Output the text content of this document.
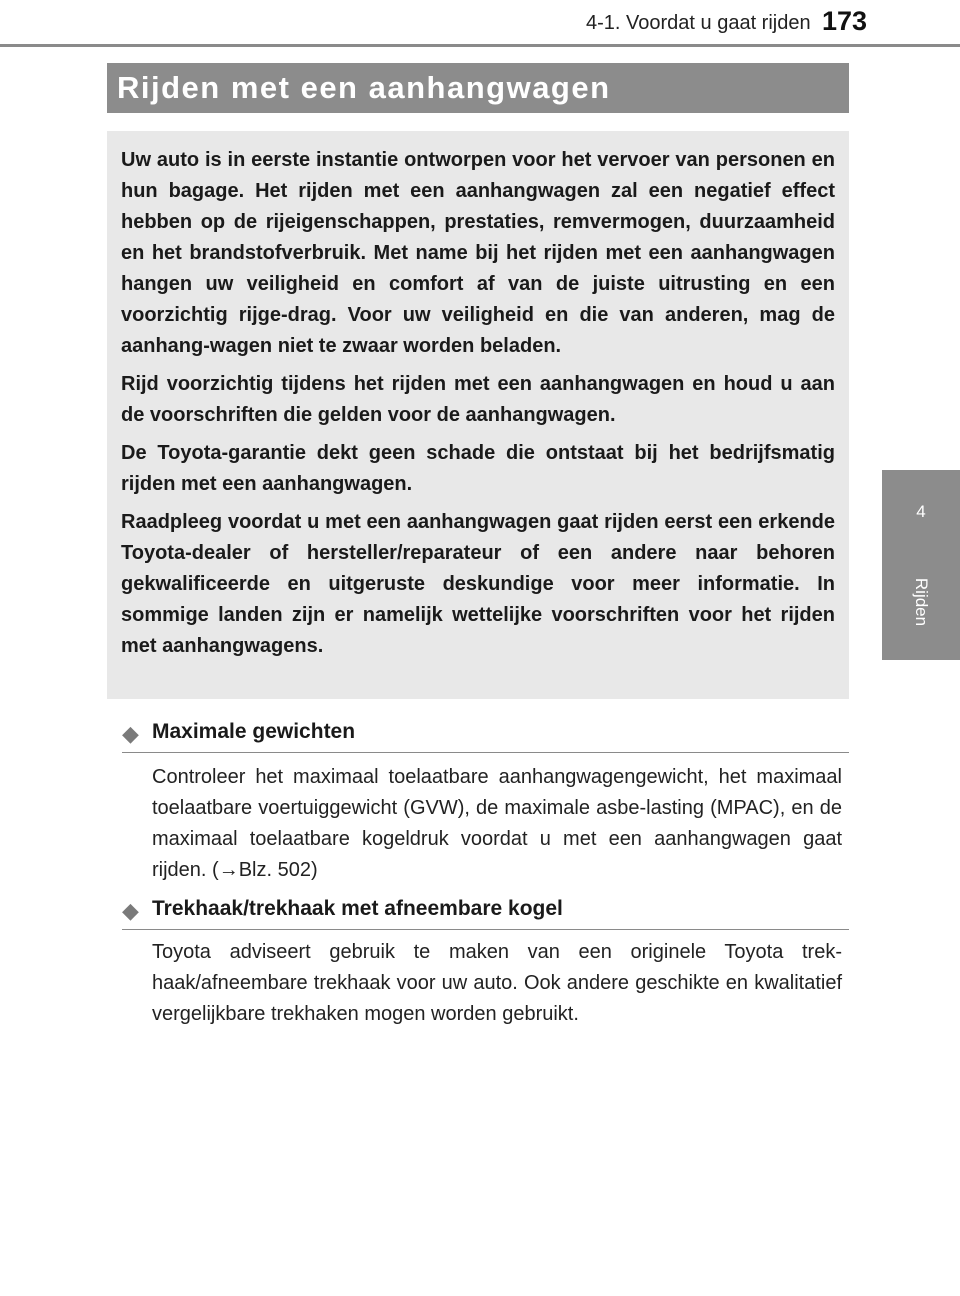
4-1. Voordat u gaat rijden 173
4
Rijden
Rijden met een aanhangwagen

Uw auto is in eerste instantie ontworpen voor het vervoer van personen en hun bagage. Het rijden met een aanhangwagen zal een negatief effect hebben op de rijeigenschappen, prestaties, remvermogen, duurzaamheid en het brandstofverbruik. Met name bij het rijden met een aanhangwagen hangen uw veiligheid en comfort af van de juiste uitrusting en een voorzichtig rijge-drag. Voor uw veiligheid en die van anderen, mag de aanhang-wagen niet te zwaar worden beladen.

Rijd voorzichtig tijdens het rijden met een aanhangwagen en houd u aan de voorschriften die gelden voor de aanhangwagen.

De Toyota-garantie dekt geen schade die ontstaat bij het bedrijfsmatig rijden met een aanhangwagen.

Raadpleeg voordat u met een aanhangwagen gaat rijden eerst een erkende Toyota-dealer of hersteller/reparateur of een andere naar behoren gekwalificeerde en uitgeruste deskundige voor meer informatie. In sommige landen zijn er namelijk wettelijke voorschriften voor het rijden met aanhangwagens.

◆ Maximale gewichten
Controleer het maximaal toelaatbare aanhangwagengewicht, het maximaal toelaatbare voertuiggewicht (GVW), de maximale asbe-lasting (MPAC), en de maximaal toelaatbare kogeldruk voordat u met een aanhangwagen gaat rijden. (→Blz. 502)
◆ Trekhaak/trekhaak met afneembare kogel
Toyota adviseert gebruik te maken van een originele Toyota trek-haak/afneembare trekhaak voor uw auto. Ook andere geschikte en kwalitatief vergelijkbare trekhaken mogen worden gebruikt.
